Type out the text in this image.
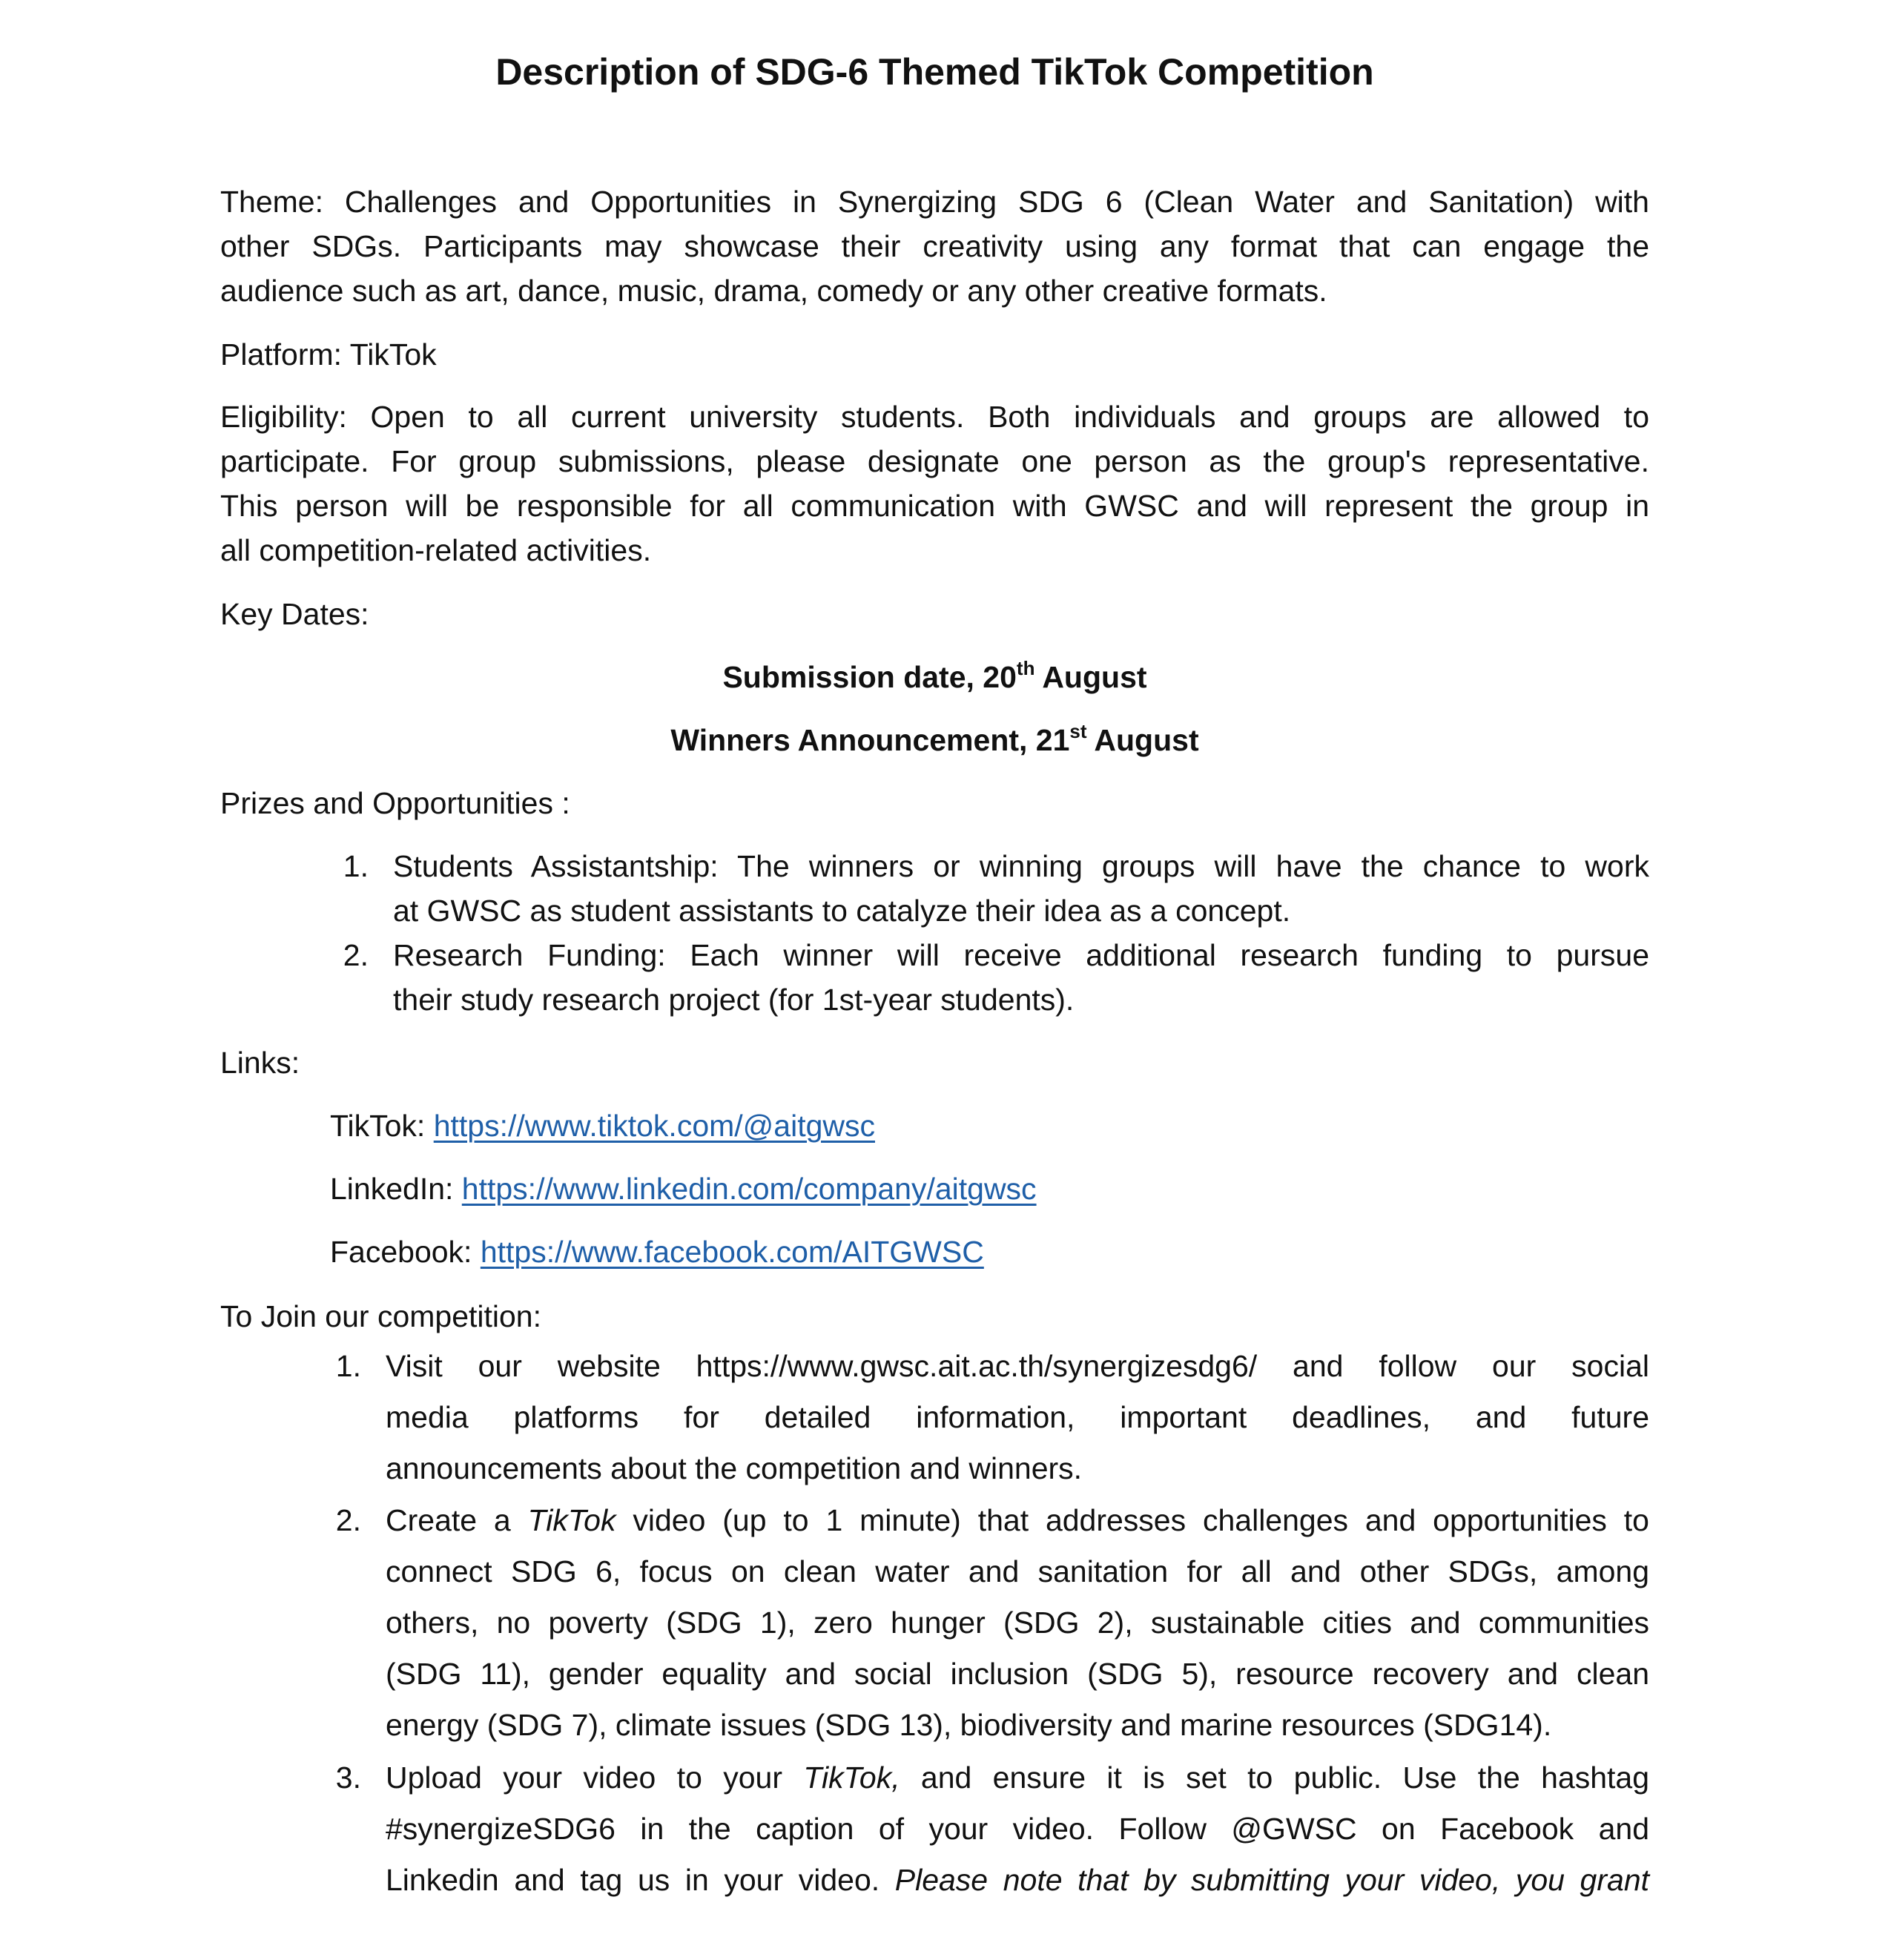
Description of SDG-6 Themed TikTok Competition
Theme: Challenges and Opportunities in Synergizing SDG 6 (Clean Water and Sanitation) with
other SDGs. Participants may showcase their creativity using any format that can engage the
audience such as art, dance, music, drama, comedy or any other creative formats.
Platform: TikTok
Eligibility: Open to all current university students. Both individuals and groups are allowed to
participate. For group submissions, please designate one person as the group's representative.
This person will be responsible for all communication with GWSC and will represent the group in
all competition-related activities.
Key Dates:
Submission date, 20th August
Winners Announcement, 21st August
Prizes and Opportunities :
1. Students Assistantship: The winners or winning groups will have the chance to work
at GWSC as student assistants to catalyze their idea as a concept.
2. Research Funding: Each winner will receive additional research funding to pursue
their study research project (for 1st-year students).
Links:
TikTok: https://www.tiktok.com/@aitgwsc
LinkedIn: https://www.linkedin.com/company/aitgwsc
Facebook: https://www.facebook.com/AITGWSC
To Join our competition:
1. Visit our website https://www.gwsc.ait.ac.th/synergizesdg6/ and follow our social
media platforms for detailed information, important deadlines, and future
announcements about the competition and winners.
2. Create a TikTok video (up to 1 minute) that addresses challenges and opportunities to
connect SDG 6, focus on clean water and sanitation for all and other SDGs, among
others, no poverty (SDG 1), zero hunger (SDG 2), sustainable cities and communities
(SDG 11), gender equality and social inclusion (SDG 5), resource recovery and clean
energy (SDG 7), climate issues (SDG 13), biodiversity and marine resources (SDG14).
3. Upload your video to your TikTok, and ensure it is set to public. Use the hashtag
#synergizeSDG6 in the caption of your video. Follow @GWSC on Facebook and
Linkedin and tag us in your video. Please note that by submitting your video, you grant
